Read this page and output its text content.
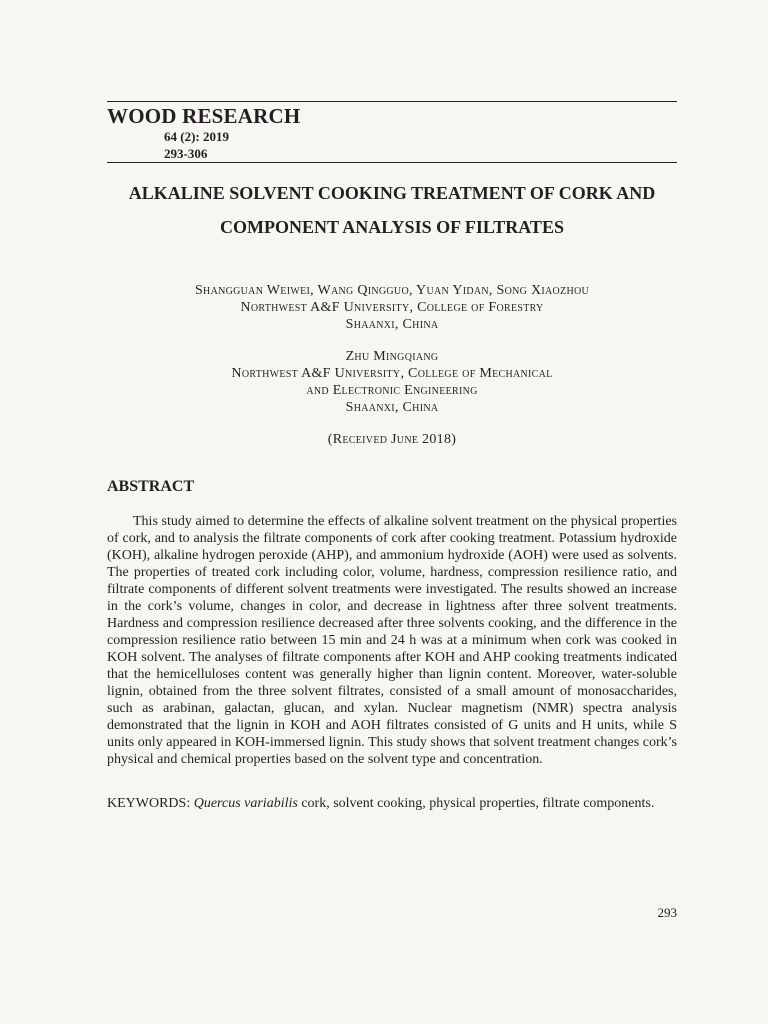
WOOD RESEARCH
64 (2): 2019
293-306
ALKALINE SOLVENT COOKING TREATMENT OF CORK AND COMPONENT ANALYSIS OF FILTRATES
Shangguan Weiwei, Wang Qingguo, Yuan Yidan, Song Xiaozhou
Northwest A&F University, College of Forestry
Shaanxi, China
Zhu Mingqiang
Northwest A&F University, College of Mechanical
and Electronic Engineering
Shaanxi, China
(Received June 2018)
ABSTRACT

This study aimed to determine the effects of alkaline solvent treatment on the physical properties of cork, and to analysis the filtrate components of cork after cooking treatment. Potassium hydroxide (KOH), alkaline hydrogen peroxide (AHP), and ammonium hydroxide (AOH) were used as solvents. The properties of treated cork including color, volume, hardness, compression resilience ratio, and filtrate components of different solvent treatments were investigated. The results showed an increase in the cork’s volume, changes in color, and decrease in lightness after three solvent treatments. Hardness and compression resilience decreased after three solvents cooking, and the difference in the compression resilience ratio between 15 min and 24 h was at a minimum when cork was cooked in KOH solvent. The analyses of filtrate components after KOH and AHP cooking treatments indicated that the hemicelluloses content was generally higher than lignin content. Moreover, water-soluble lignin, obtained from the three solvent filtrates, consisted of a small amount of monosaccharides, such as arabinan, galactan, glucan, and xylan. Nuclear magnetism (NMR) spectra analysis demonstrated that the lignin in KOH and AOH filtrates consisted of G units and H units, while S units only appeared in KOH-immersed lignin. This study shows that solvent treatment changes cork’s physical and chemical properties based on the solvent type and concentration.

KEYWORDS: Quercus variabilis cork, solvent cooking, physical properties, filtrate components.
293
